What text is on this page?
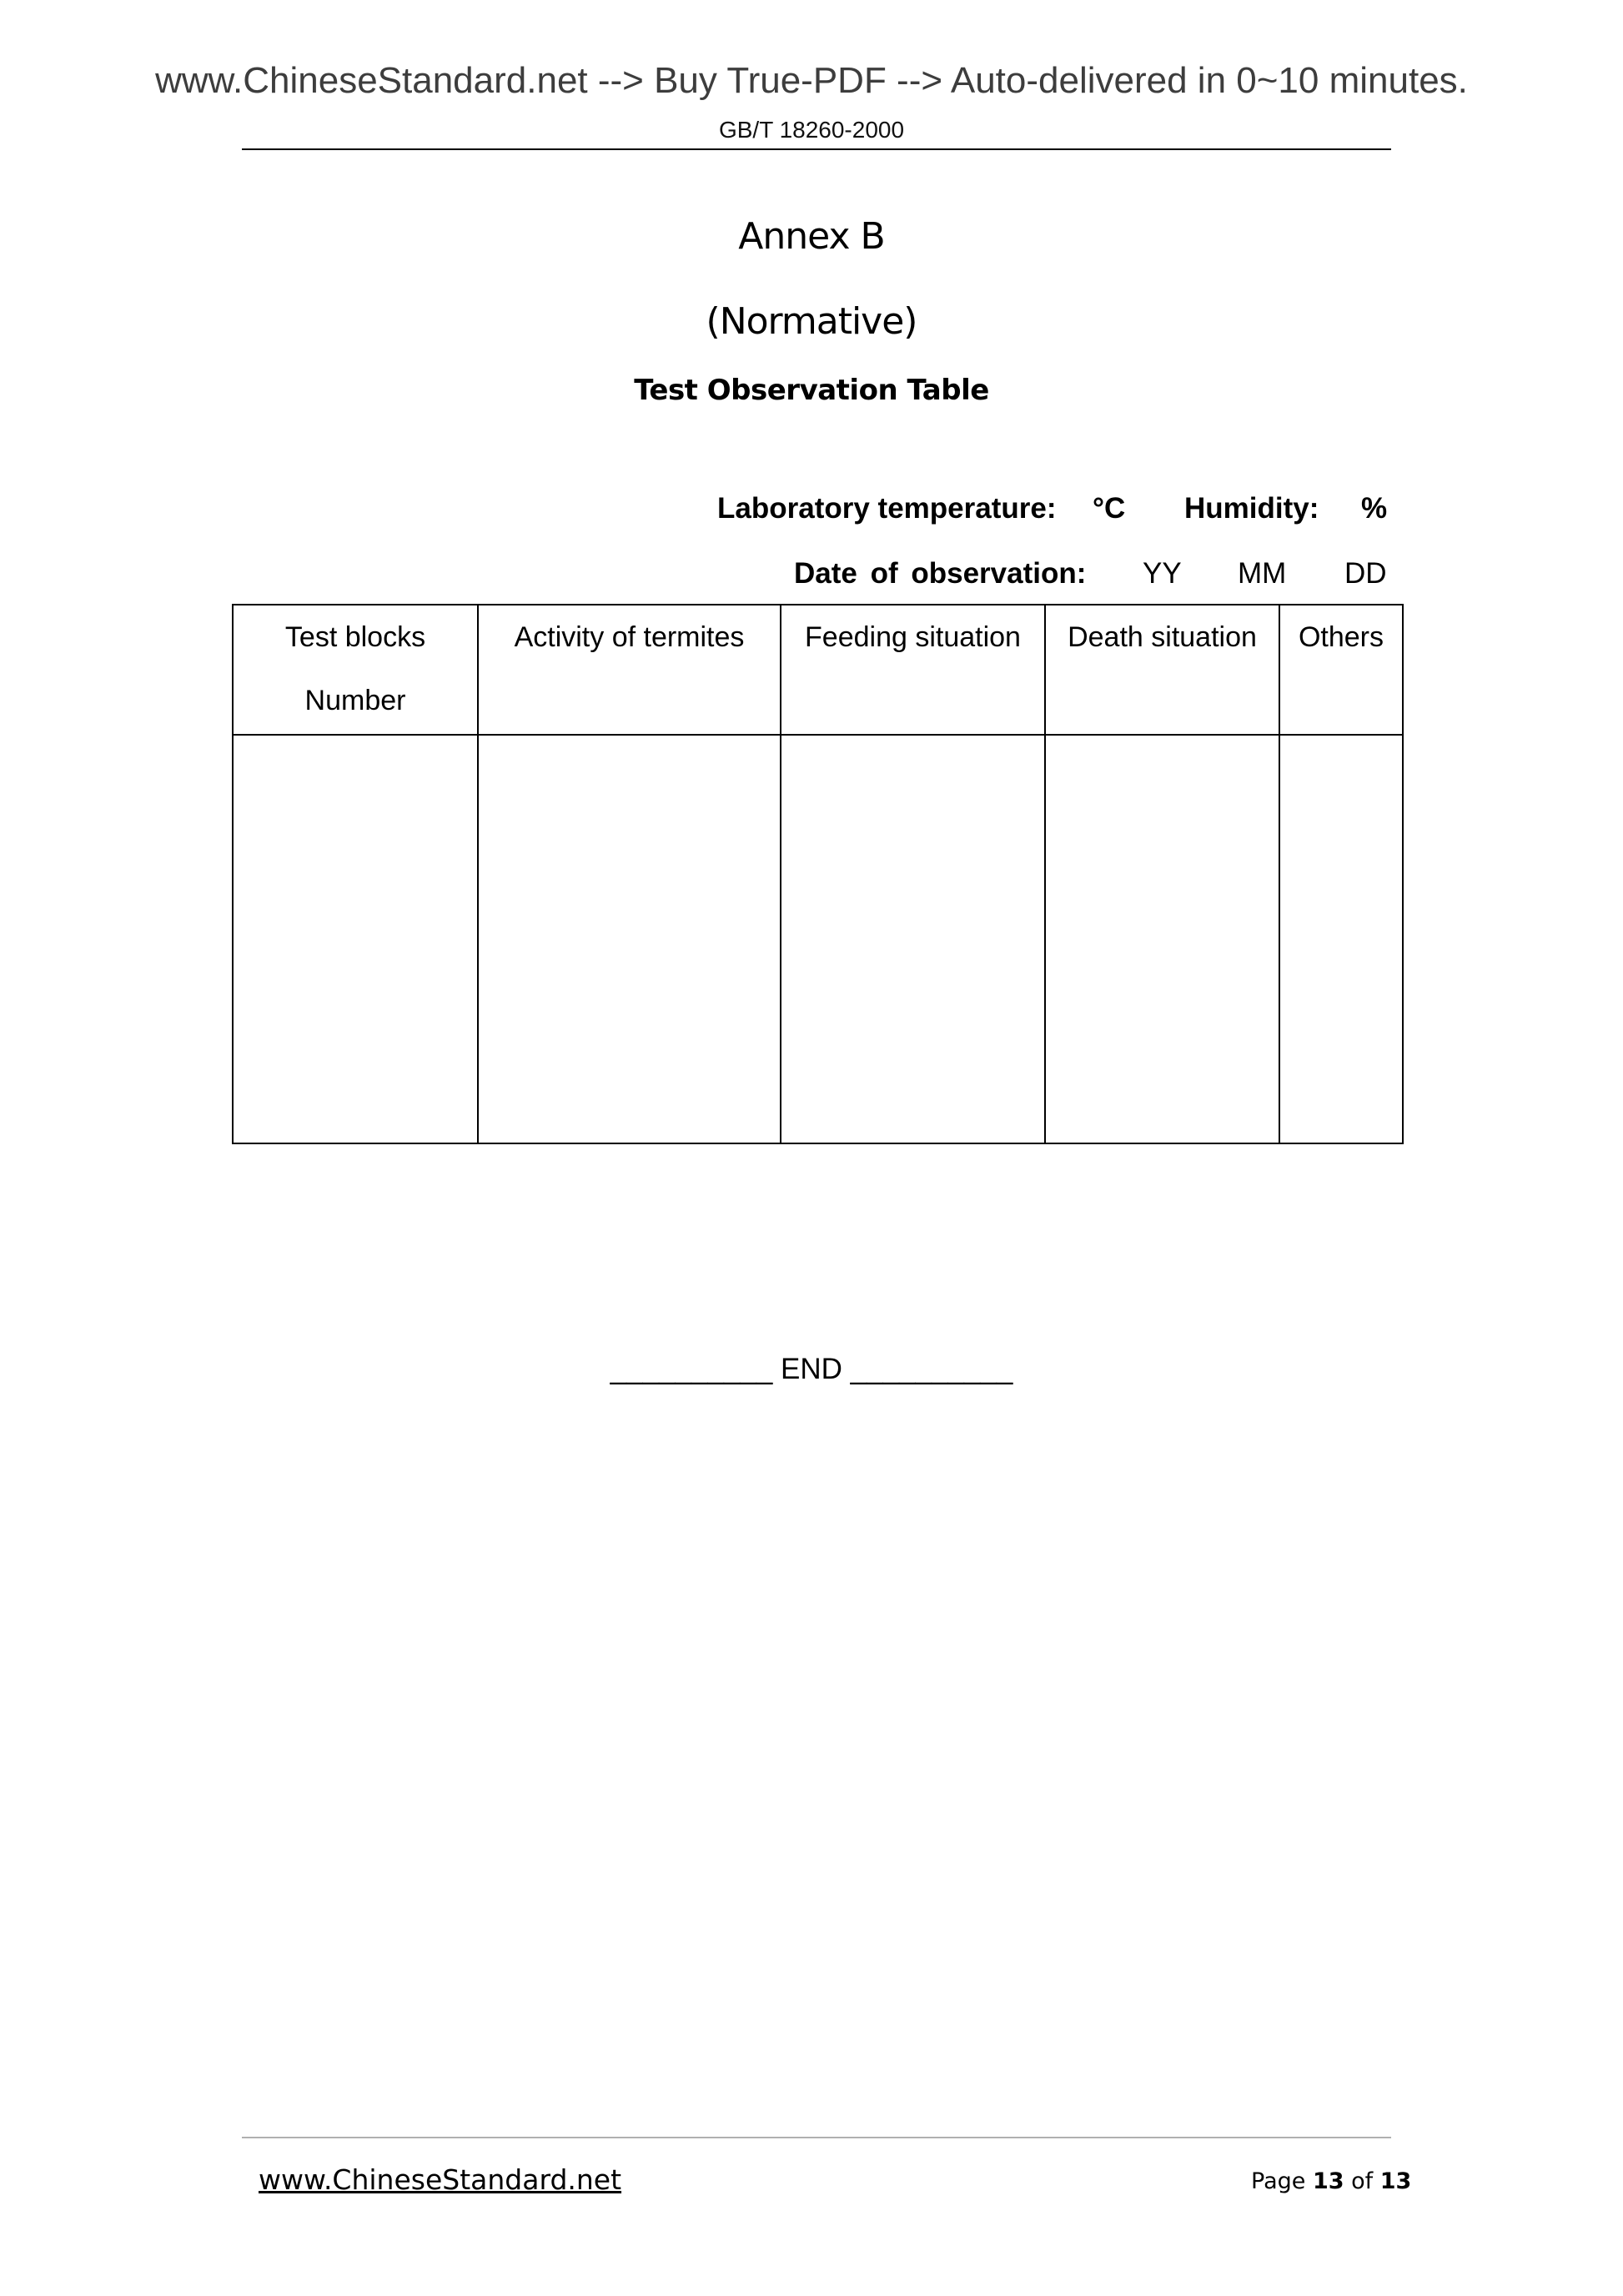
www.ChineseStandard.net --> Buy True-PDF --> Auto-delivered in 0~10 minutes.
GB/T 18260-2000
Annex B
(Normative)
Test Observation Table
Laboratory temperature: °C Humidity: %
Date of observation: YY MM DD
Test blocks
Number	Activity of termites	Feeding situation	Death situation	Others

__________ END __________
www.ChineseStandard.net	Page 13 of 13
